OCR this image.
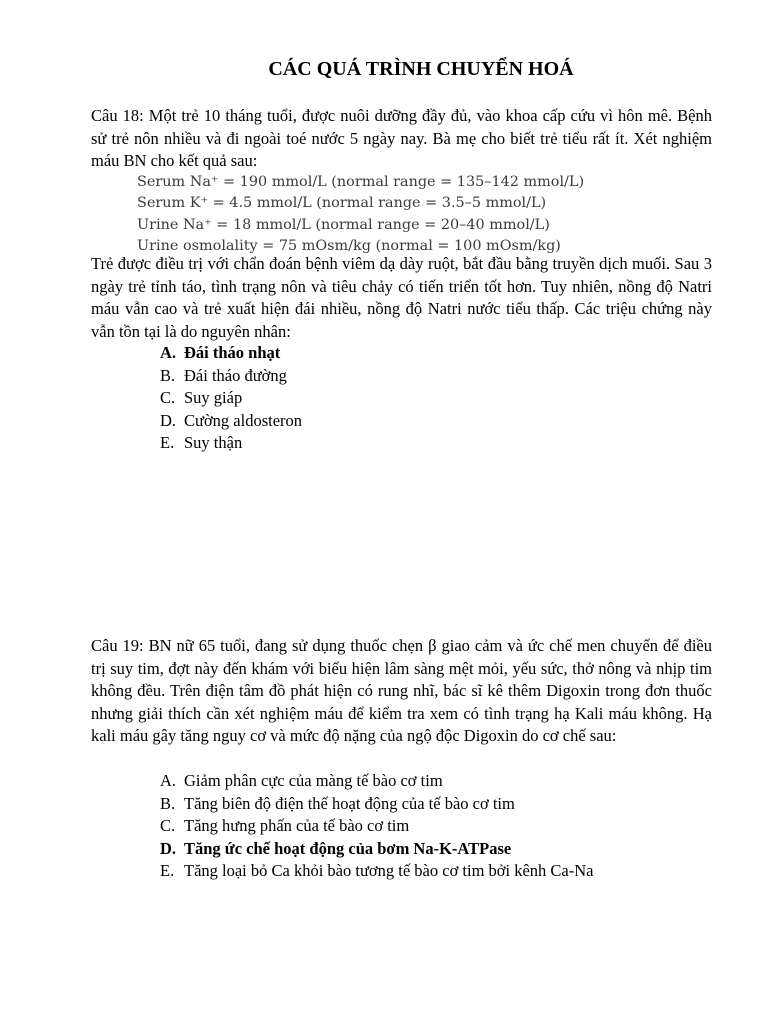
CÁC QUÁ TRÌNH CHUYỂN HOÁ

Câu 18: Một trẻ 10 tháng tuổi, được nuôi dưỡng đầy đủ, vào khoa cấp cứu vì hôn mê. Bệnh sử trẻ nôn nhiều và đi ngoài toé nước 5 ngày nay. Bà mẹ cho biết trẻ tiểu rất ít. Xét nghiệm máu BN cho kết quả sau:

Serum Na⁺ = 190 mmol/L (normal range = 135–142 mmol/L)
Serum K⁺ = 4.5 mmol/L (normal range = 3.5–5 mmol/L)
Urine Na⁺ = 18 mmol/L (normal range = 20–40 mmol/L)
Urine osmolality = 75 mOsm/kg (normal = 100 mOsm/kg)

Trẻ được điều trị với chẩn đoán bệnh viêm dạ dày ruột, bắt đầu bằng truyền dịch muối. Sau 3 ngày trẻ tỉnh táo, tình trạng nôn và tiêu chảy có tiến triển tốt hơn. Tuy nhiên, nồng độ Natri máu vẫn cao và trẻ xuất hiện đái nhiều, nồng độ Natri nước tiểu thấp. Các triệu chứng này vẫn tồn tại là do nguyên nhân:

A. Đái tháo nhạt
B. Đái tháo đường
C. Suy giáp
D. Cường aldosteron
E. Suy thận

Câu 19: BN nữ 65 tuổi, đang sử dụng thuốc chẹn β giao cảm và ức chế men chuyển để điều trị suy tim, đợt này đến khám với biểu hiện lâm sàng mệt mỏi, yếu sức, thở nông và nhịp tim không đều. Trên điện tâm đồ phát hiện có rung nhĩ, bác sĩ kê thêm Digoxin trong đơn thuốc nhưng giải thích cần xét nghiệm máu để kiểm tra xem có tình trạng hạ Kali máu không. Hạ kali máu gây tăng nguy cơ và mức độ nặng của ngộ độc Digoxin do cơ chế sau:

A. Giảm phân cực của màng tế bào cơ tim
B. Tăng biên độ điện thế hoạt động của tế bào cơ tim
C. Tăng hưng phấn của tế bào cơ tim
D. Tăng ức chế hoạt động của bơm Na-K-ATPase
E. Tăng loại bỏ Ca khỏi bào tương tế bào cơ tim bởi kênh Ca-Na
